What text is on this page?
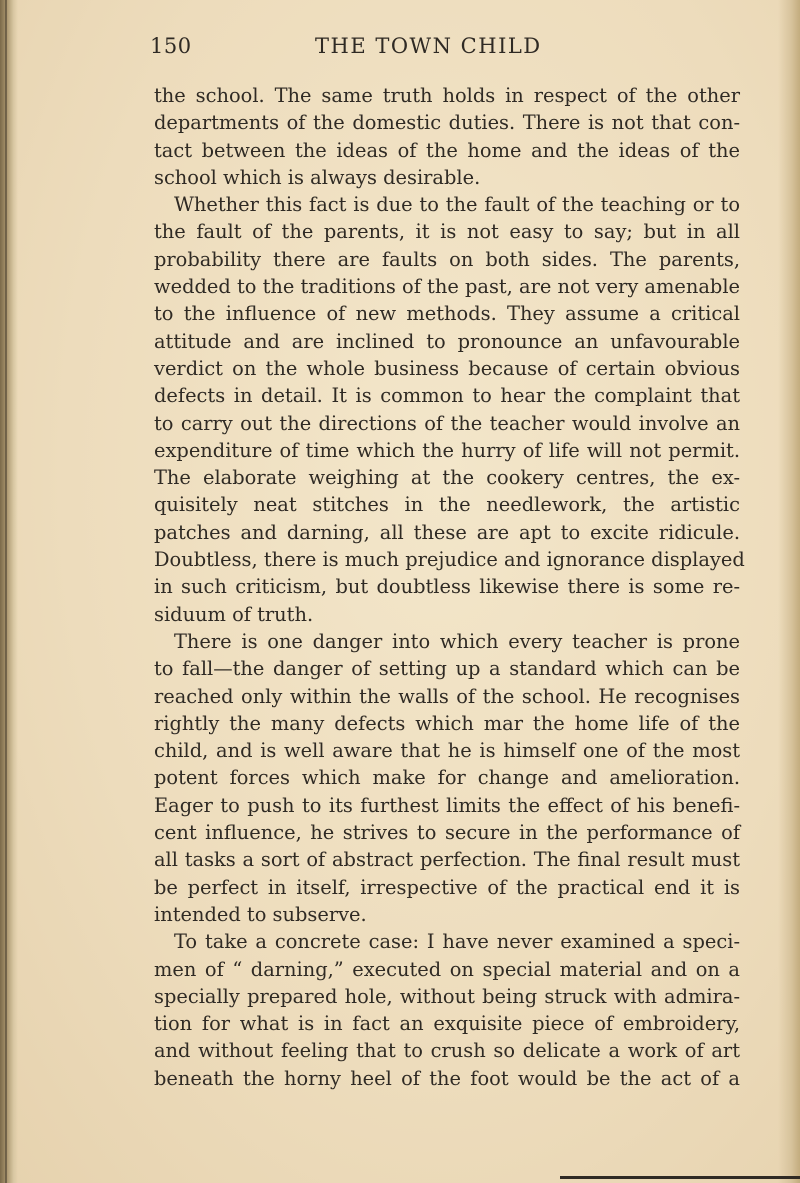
150	THE TOWN CHILD
the school. The same truth holds in respect of the other
departments of the domestic duties. There is not that con-
tact between the ideas of the home and the ideas of the
school which is always desirable.
Whether this fact is due to the fault of the teaching or to
the fault of the parents, it is not easy to say; but in all
probability there are faults on both sides. The parents,
wedded to the traditions of the past, are not very amenable
to the influence of new methods. They assume a critical
attitude and are inclined to pronounce an unfavourable
verdict on the whole business because of certain obvious
defects in detail. It is common to hear the complaint that
to carry out the directions of the teacher would involve an
expenditure of time which the hurry of life will not permit.
The elaborate weighing at the cookery centres, the ex-
quisitely neat stitches in the needlework, the artistic
patches and darning, all these are apt to excite ridicule.
Doubtless, there is much prejudice and ignorance displayed
in such criticism, but doubtless likewise there is some re-
siduum of truth.
There is one danger into which every teacher is prone
to fall—the danger of setting up a standard which can be
reached only within the walls of the school. He recognises
rightly the many defects which mar the home life of the
child, and is well aware that he is himself one of the most
potent forces which make for change and amelioration.
Eager to push to its furthest limits the effect of his benefi-
cent influence, he strives to secure in the performance of
all tasks a sort of abstract perfection. The final result must
be perfect in itself, irrespective of the practical end it is
intended to subserve.
To take a concrete case: I have never examined a speci-
men of “ darning,” executed on special material and on a
specially prepared hole, without being struck with admira-
tion for what is in fact an exquisite piece of embroidery,
and without feeling that to crush so delicate a work of art
beneath the horny heel of the foot would be the act of a
